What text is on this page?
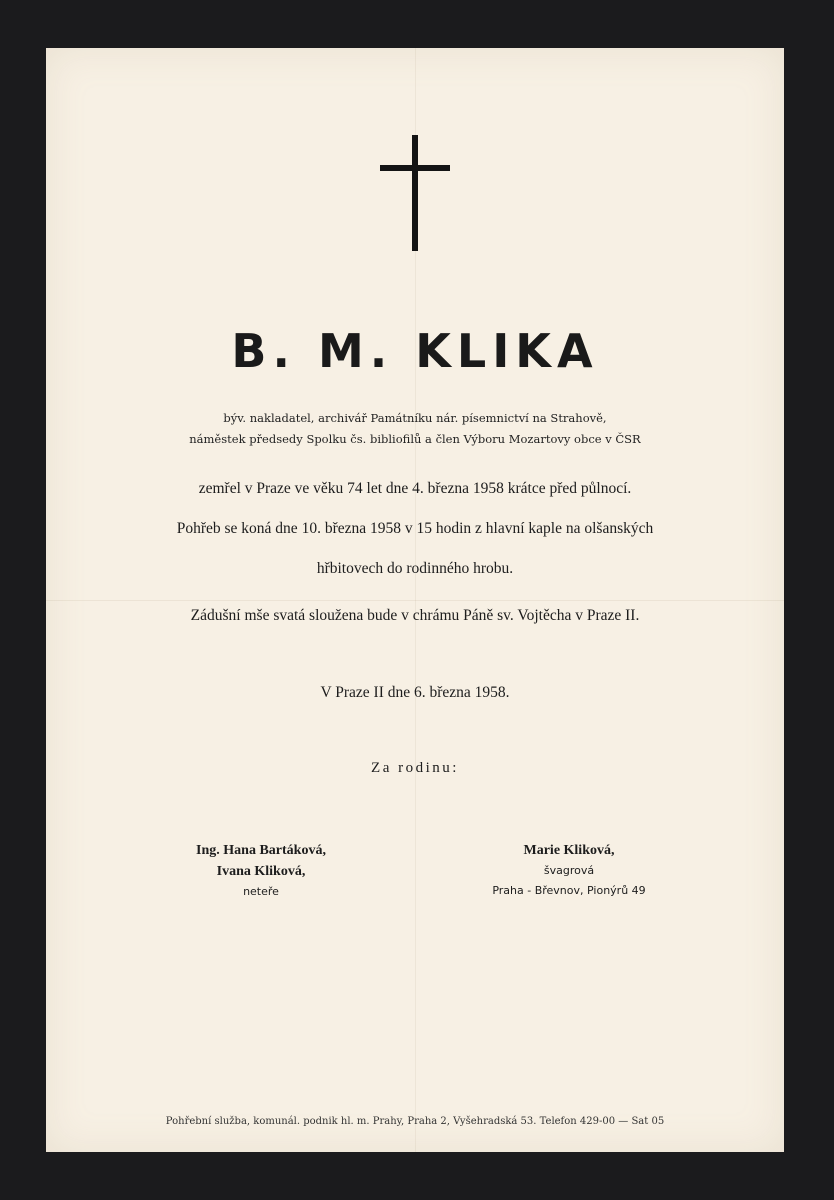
B. M. KLIKA
býv. nakladatel, archivář Památníku nár. písemnictví na Strahově,
náměstek předsedy Spolku čs. bibliofilů a člen Výboru Mozartovy obce v ČSR
zemřel v Praze ve věku 74 let dne 4. března 1958 krátce před půlnocí.
Pohřeb se koná dne 10. března 1958 v 15 hodin z hlavní kaple na olšanských
hřbitovech do rodinného hrobu.
Zádušní mše svatá sloužena bude v chrámu Páně sv. Vojtěcha v Praze II.
V Praze II dne 6. března 1958.
Za rodinu:
Ing. Hana Bartáková,
Ivana Kliková,
neteře
Marie Kliková,
švagrová
Praha - Břevnov, Pionýrů 49
Pohřební služba, komunál. podnik hl. m. Prahy, Praha 2, Vyšehradská 53. Telefon 429-00 — Sat 05
